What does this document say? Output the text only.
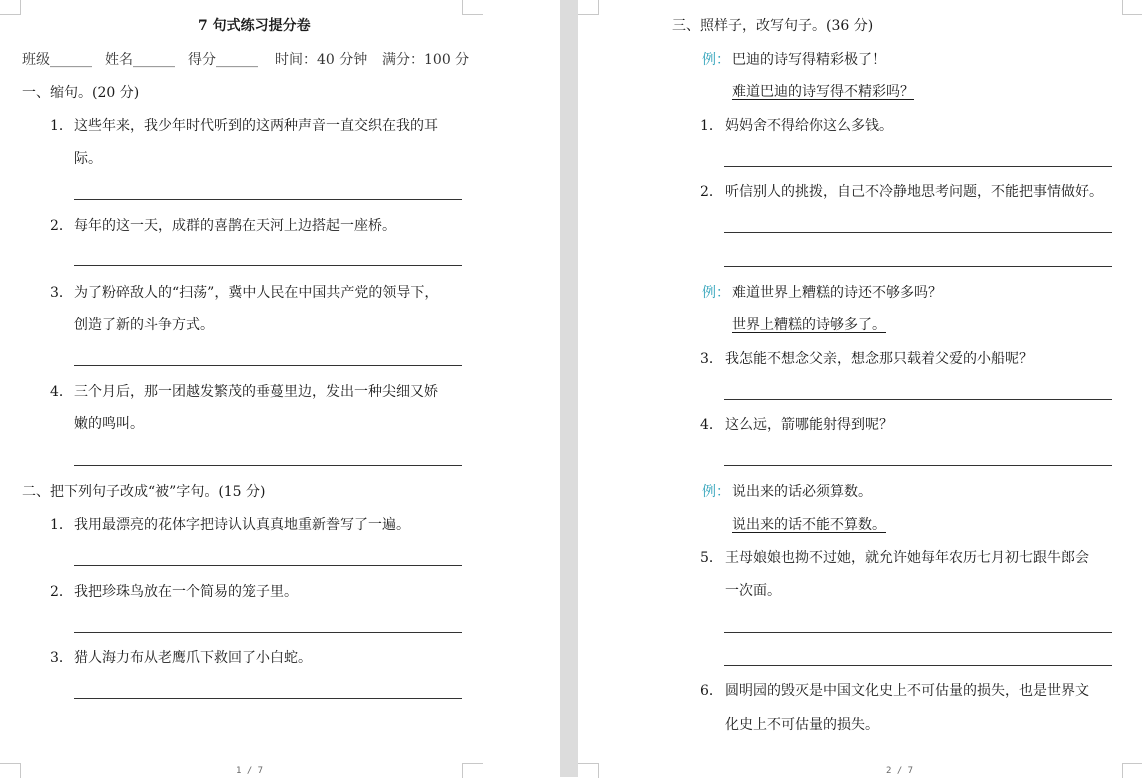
7 句式练习提分卷
班级______ 姓名______ 得分______ 时间：40 分钟 满分：100 分
一、缩句。(20 分)
1． 这些年来，我少年时代听到的这两种声音一直交织在我的耳
际。
2． 每年的这一天，成群的喜鹊在天河上边搭起一座桥。
3． 为了粉碎敌人的“扫荡”，冀中人民在中国共产党的领导下，
创造了新的斗争方式。
4． 三个月后，那一团越发繁茂的垂蔓里边，发出一种尖细又娇
嫩的鸣叫。
二、把下列句子改成“被”字句。(15 分)
1． 我用最漂亮的花体字把诗认认真真地重新誊写了一遍。
2． 我把珍珠鸟放在一个简易的笼子里。
3． 猎人海力布从老鹰爪下救回了小白蛇。
1 / 7
三、照样子，改写句子。(36 分)
例： 巴迪的诗写得精彩极了！
难道巴迪的诗写得不精彩吗？
1． 妈妈舍不得给你这么多钱。
2． 听信别人的挑拨，自己不冷静地思考问题，不能把事情做好。
例： 难道世界上糟糕的诗还不够多吗？
世界上糟糕的诗够多了。
3． 我怎能不想念父亲，想念那只载着父爱的小船呢？
4． 这么远，箭哪能射得到呢？
例： 说出来的话必须算数。
说出来的话不能不算数。
5． 王母娘娘也拗不过她，就允许她每年农历七月初七跟牛郎会
一次面。
6． 圆明园的毁灭是中国文化史上不可估量的损失，也是世界文
化史上不可估量的损失。
2 / 7
